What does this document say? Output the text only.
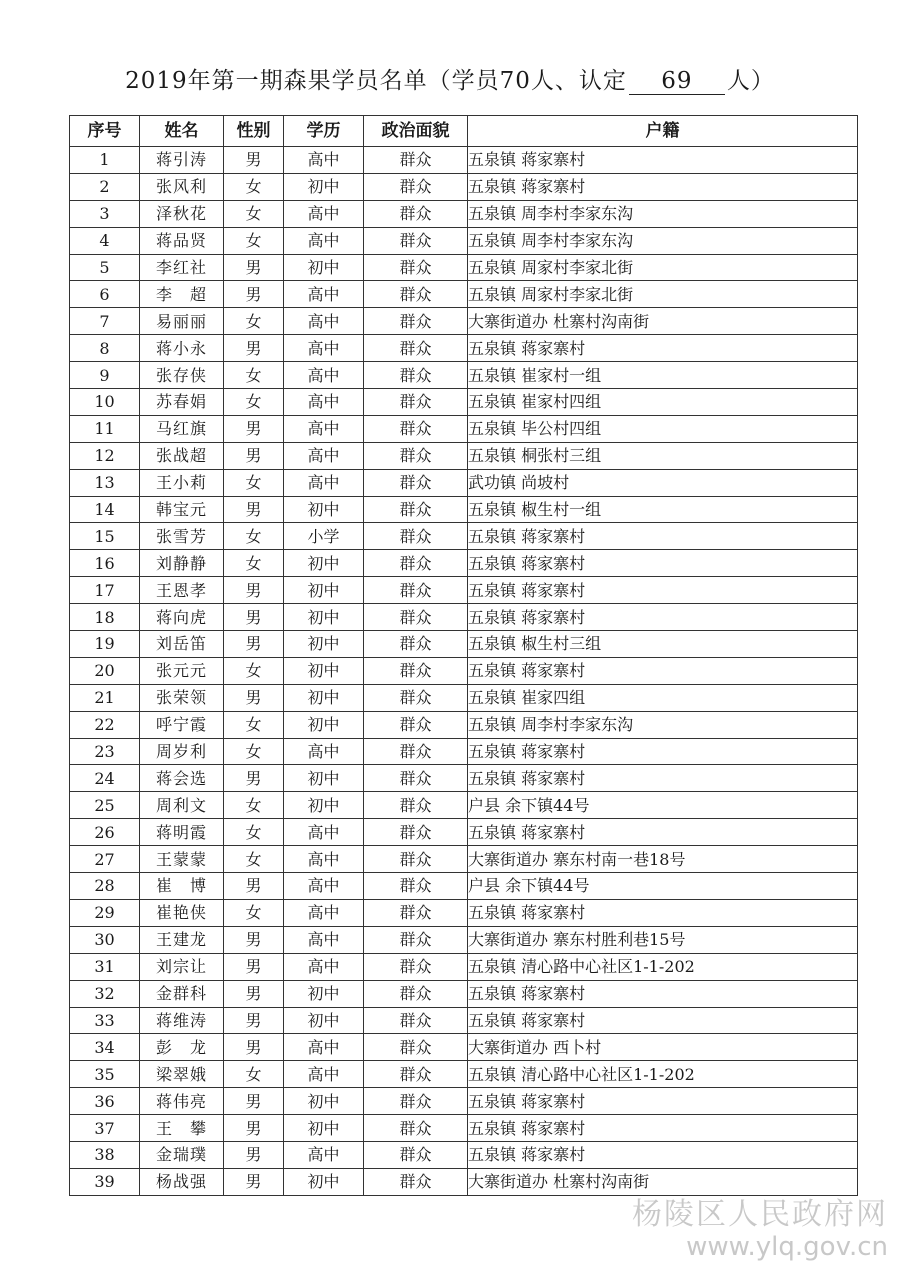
2019年第一期森果学员名单（学员70人、认定 69 人）
序号	姓名	性别	学历	政治面貌	户籍
1	蒋引涛	男	高中	群众	五泉镇 蒋家寨村
2	张风利	女	初中	群众	五泉镇 蒋家寨村
3	泽秋花	女	高中	群众	五泉镇 周李村李家东沟
4	蒋品贤	女	高中	群众	五泉镇 周李村李家东沟
5	李红社	男	初中	群众	五泉镇 周家村李家北街
6	李　超	男	高中	群众	五泉镇 周家村李家北街
7	易丽丽	女	高中	群众	大寨街道办 杜寨村沟南街
8	蒋小永	男	高中	群众	五泉镇 蒋家寨村
9	张存侠	女	高中	群众	五泉镇 崔家村一组
10	苏春娟	女	高中	群众	五泉镇 崔家村四组
11	马红旗	男	高中	群众	五泉镇 毕公村四组
12	张战超	男	高中	群众	五泉镇 桐张村三组
13	王小莉	女	高中	群众	武功镇 尚坡村
14	韩宝元	男	初中	群众	五泉镇 椒生村一组
15	张雪芳	女	小学	群众	五泉镇 蒋家寨村
16	刘静静	女	初中	群众	五泉镇 蒋家寨村
17	王恩孝	男	初中	群众	五泉镇 蒋家寨村
18	蒋向虎	男	初中	群众	五泉镇 蒋家寨村
19	刘岳笛	男	初中	群众	五泉镇 椒生村三组
20	张元元	女	初中	群众	五泉镇 蒋家寨村
21	张荣领	男	初中	群众	五泉镇 崔家四组
22	呼宁霞	女	初中	群众	五泉镇 周李村李家东沟
23	周岁利	女	高中	群众	五泉镇 蒋家寨村
24	蒋会选	男	初中	群众	五泉镇 蒋家寨村
25	周利文	女	初中	群众	户县 余下镇44号
26	蒋明霞	女	高中	群众	五泉镇 蒋家寨村
27	王蒙蒙	女	高中	群众	大寨街道办 寨东村南一巷18号
28	崔　博	男	高中	群众	户县 余下镇44号
29	崔艳侠	女	高中	群众	五泉镇 蒋家寨村
30	王建龙	男	高中	群众	大寨街道办 寨东村胜利巷15号
31	刘宗让	男	高中	群众	五泉镇 清心路中心社区1-1-202
32	金群科	男	初中	群众	五泉镇 蒋家寨村
33	蒋维涛	男	初中	群众	五泉镇 蒋家寨村
34	彭　龙	男	高中	群众	大寨街道办 西卜村
35	梁翠娥	女	高中	群众	五泉镇 清心路中心社区1-1-202
36	蒋伟亮	男	初中	群众	五泉镇 蒋家寨村
37	王　攀	男	初中	群众	五泉镇 蒋家寨村
38	金瑞璞	男	高中	群众	五泉镇 蒋家寨村
39	杨战强	男	初中	群众	大寨街道办 杜寨村沟南街
杨陵区人民政府网
www.ylq.gov.cn
